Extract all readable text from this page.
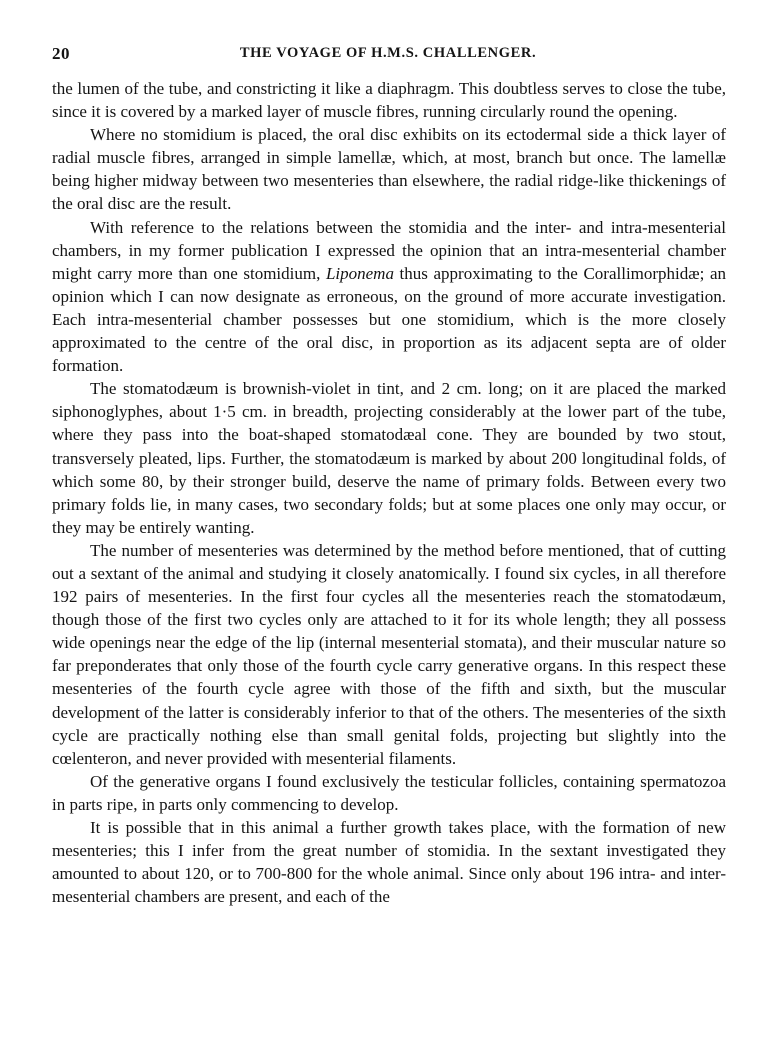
20	THE VOYAGE OF H.M.S. CHALLENGER.

the lumen of the tube, and constricting it like a diaphragm. This doubtless serves to close the tube, since it is covered by a marked layer of muscle fibres, running circularly round the opening.

Where no stomidium is placed, the oral disc exhibits on its ectodermal side a thick layer of radial muscle fibres, arranged in simple lamellæ, which, at most, branch but once. The lamellæ being higher midway between two mesenteries than elsewhere, the radial ridge-like thickenings of the oral disc are the result.

With reference to the relations between the stomidia and the inter- and intra-mesenterial chambers, in my former publication I expressed the opinion that an intra-mesenterial chamber might carry more than one stomidium, Liponema thus approximating to the Corallimorphidæ; an opinion which I can now designate as erroneous, on the ground of more accurate investigation. Each intra-mesenterial chamber possesses but one stomidium, which is the more closely approximated to the centre of the oral disc, in proportion as its adjacent septa are of older formation.

The stomatodæum is brownish-violet in tint, and 2 cm. long; on it are placed the marked siphonoglyphes, about 1·5 cm. in breadth, projecting considerably at the lower part of the tube, where they pass into the boat-shaped stomatodæal cone. They are bounded by two stout, transversely pleated, lips. Further, the stomatodæum is marked by about 200 longitudinal folds, of which some 80, by their stronger build, deserve the name of primary folds. Between every two primary folds lie, in many cases, two secondary folds; but at some places one only may occur, or they may be entirely wanting.

The number of mesenteries was determined by the method before mentioned, that of cutting out a sextant of the animal and studying it closely anatomically. I found six cycles, in all therefore 192 pairs of mesenteries. In the first four cycles all the mesenteries reach the stomatodæum, though those of the first two cycles only are attached to it for its whole length; they all possess wide openings near the edge of the lip (internal mesenterial stomata), and their muscular nature so far preponderates that only those of the fourth cycle carry generative organs. In this respect these mesenteries of the fourth cycle agree with those of the fifth and sixth, but the muscular development of the latter is considerably inferior to that of the others. The mesenteries of the sixth cycle are practically nothing else than small genital folds, projecting but slightly into the cœlenteron, and never provided with mesenterial filaments.

Of the generative organs I found exclusively the testicular follicles, containing spermatozoa in parts ripe, in parts only commencing to develop.

It is possible that in this animal a further growth takes place, with the formation of new mesenteries; this I infer from the great number of stomidia. In the sextant investigated they amounted to about 120, or to 700-800 for the whole animal. Since only about 196 intra- and inter-mesenterial chambers are present, and each of the
